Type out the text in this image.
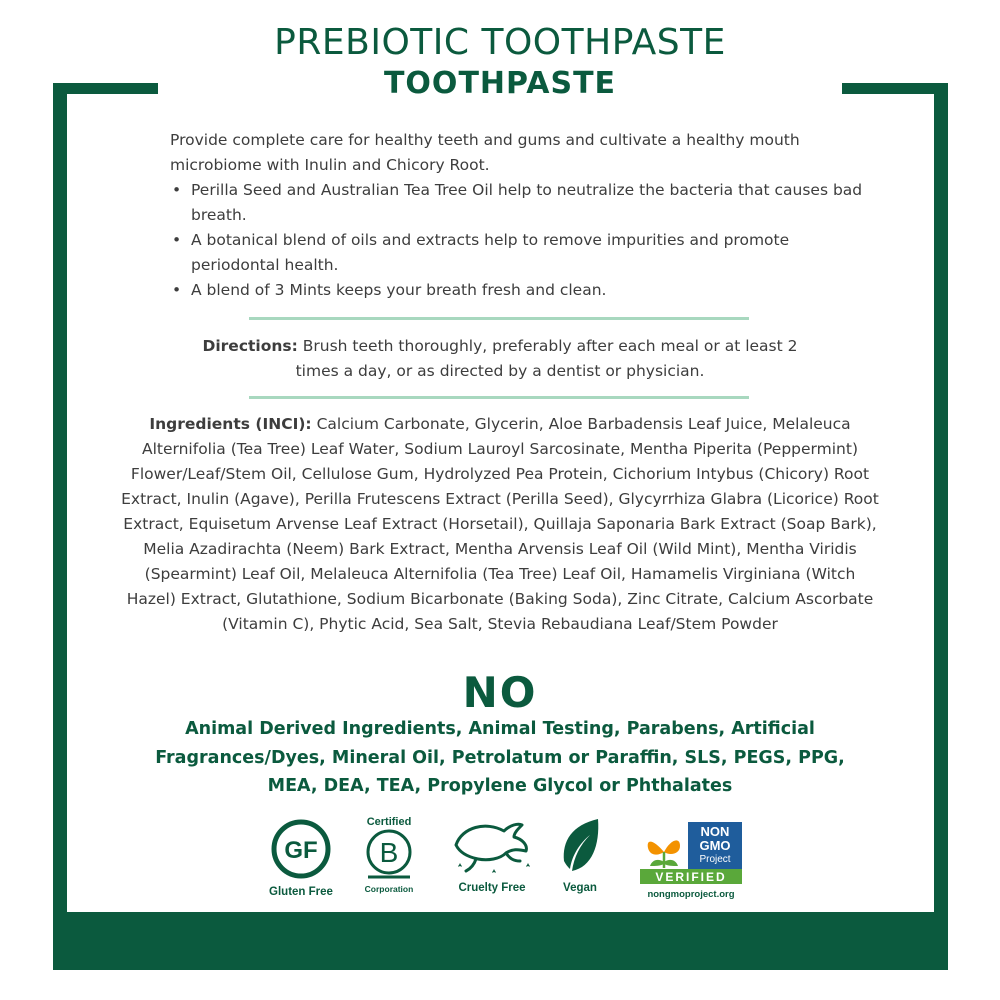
PREBIOTIC TOOTHPASTE
TOOTHPASTE

Provide complete care for healthy teeth and gums and cultivate a healthy mouth microbiome with Inulin and Chicory Root.

• Perilla Seed and Australian Tea Tree Oil help to neutralize the bacteria that causes bad breath.
• A botanical blend of oils and extracts help to remove impurities and promote periodontal health.
• A blend of 3 Mints keeps your breath fresh and clean.

Directions: Brush teeth thoroughly, preferably after each meal or at least 2 times a day, or as directed by a dentist or physician.

Ingredients (INCI): Calcium Carbonate, Glycerin, Aloe Barbadensis Leaf Juice, Melaleuca Alternifolia (Tea Tree) Leaf Water, Sodium Lauroyl Sarcosinate, Mentha Piperita (Peppermint) Flower/Leaf/Stem Oil, Cellulose Gum, Hydrolyzed Pea Protein, Cichorium Intybus (Chicory) Root Extract, Inulin (Agave), Perilla Frutescens Extract (Perilla Seed), Glycyrrhiza Glabra (Licorice) Root Extract, Equisetum Arvense Leaf Extract (Horsetail), Quillaja Saponaria Bark Extract (Soap Bark), Melia Azadirachta (Neem) Bark Extract, Mentha Arvensis Leaf Oil (Wild Mint), Mentha Viridis (Spearmint) Leaf Oil, Melaleuca Alternifolia (Tea Tree) Leaf Oil, Hamamelis Virginiana (Witch Hazel) Extract, Glutathione, Sodium Bicarbonate (Baking Soda), Zinc Citrate, Calcium Ascorbate (Vitamin C), Phytic Acid, Sea Salt, Stevia Rebaudiana Leaf/Stem Powder

NO

Animal Derived Ingredients, Animal Testing, Parabens, Artificial Fragrances/Dyes, Mineral Oil, Petrolatum or Paraffin, SLS, PEGS, PPG, MEA, DEA, TEA, Propylene Glycol or Phthalates

GF
Gluten Free
Certified
B
Corporation	Cruelty Free	Vegan
NON
GMO
Project
VERIFIED
nongmoproject.org
